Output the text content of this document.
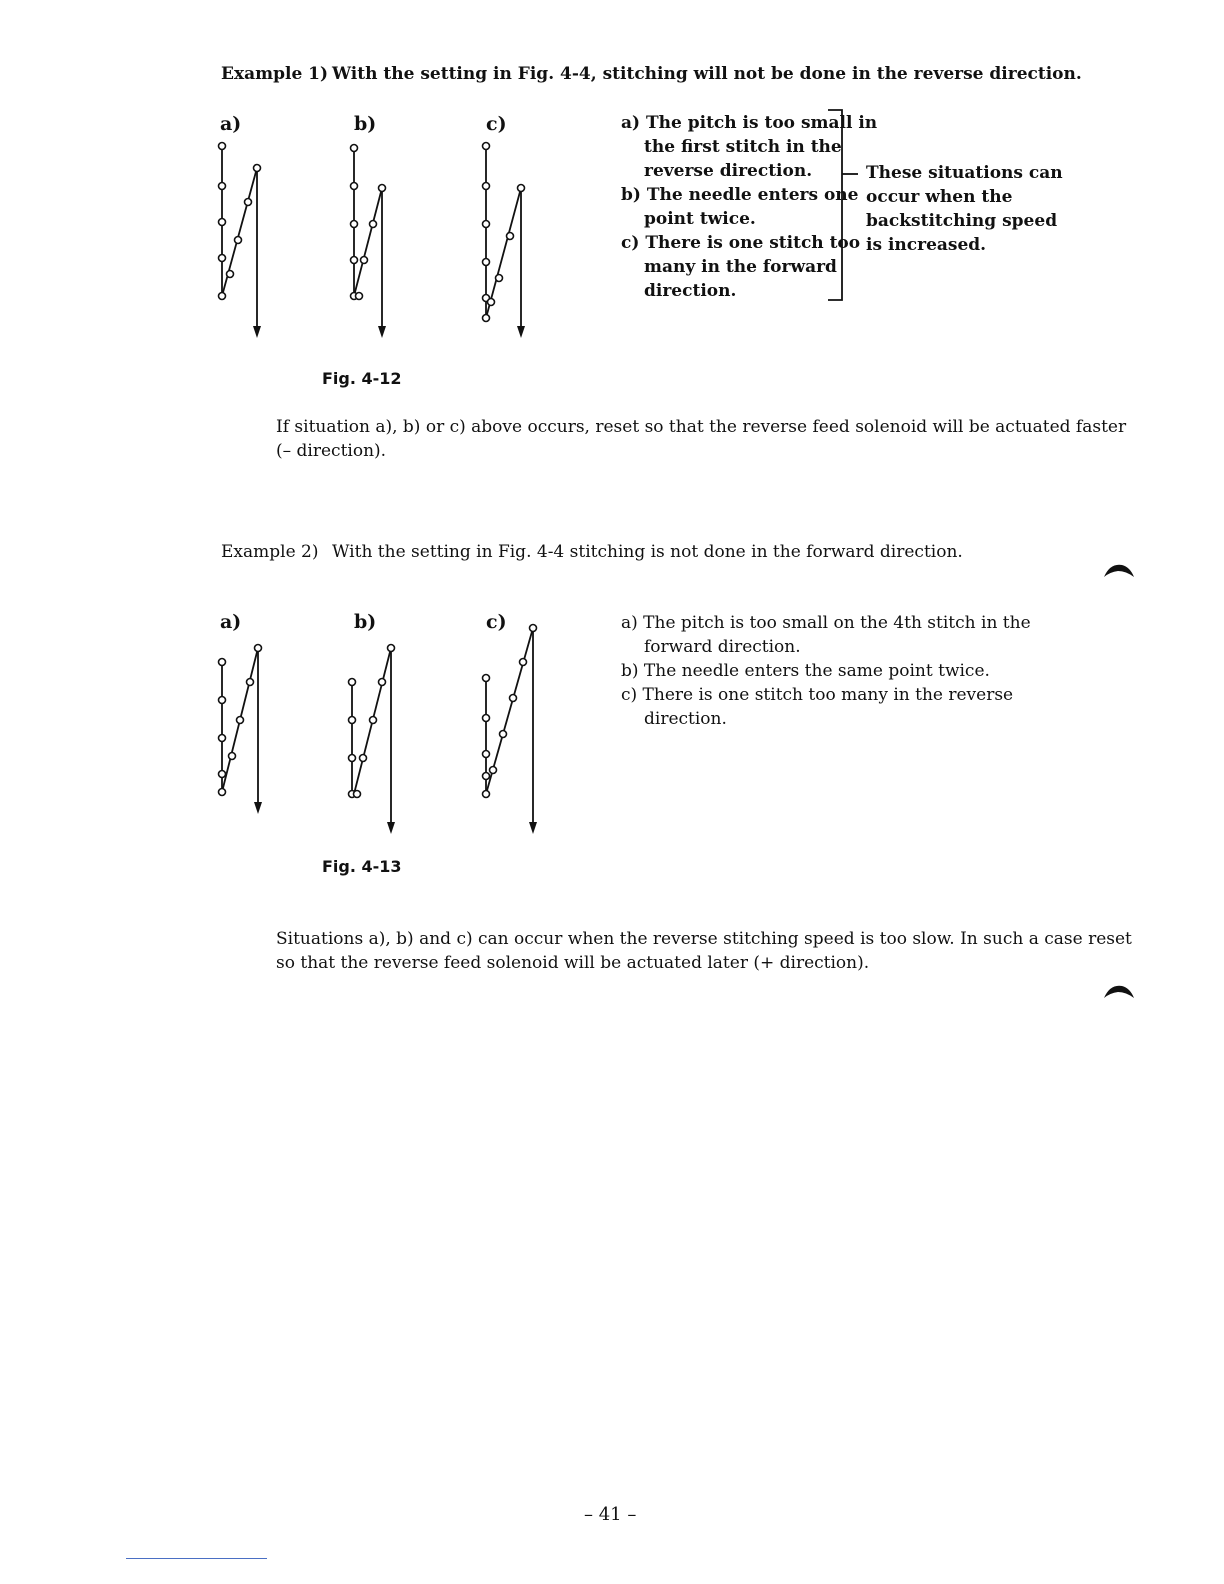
Example 1) With the setting in Fig. 4-4, stitching will not be done in the reverse direction.
a)	b)	c)	a) The pitch is too small in
the first stitch in the
reverse direction.
b) The needle enters one
point twice.
c) There is one stitch too
many in the forward
direction.
These situations can
occur when the
backstitching speed
is increased.
Fig. 4-12
If situation a), b) or c) above occurs, reset so that the reverse feed solenoid will be actuated faster
(– direction).
Example 2) With the setting in Fig. 4-4 stitching is not done in the forward direction.
a)	b)	c)	a) The pitch is too small on the 4th stitch in the
forward direction.
b) The needle enters the same point twice.
c) There is one stitch too many in the reverse
direction.
Fig. 4-13
Situations a), b) and c) can occur when the reverse stitching speed is too slow. In such a case reset
so that the reverse feed solenoid will be actuated later (+ direction).
– 41 –
